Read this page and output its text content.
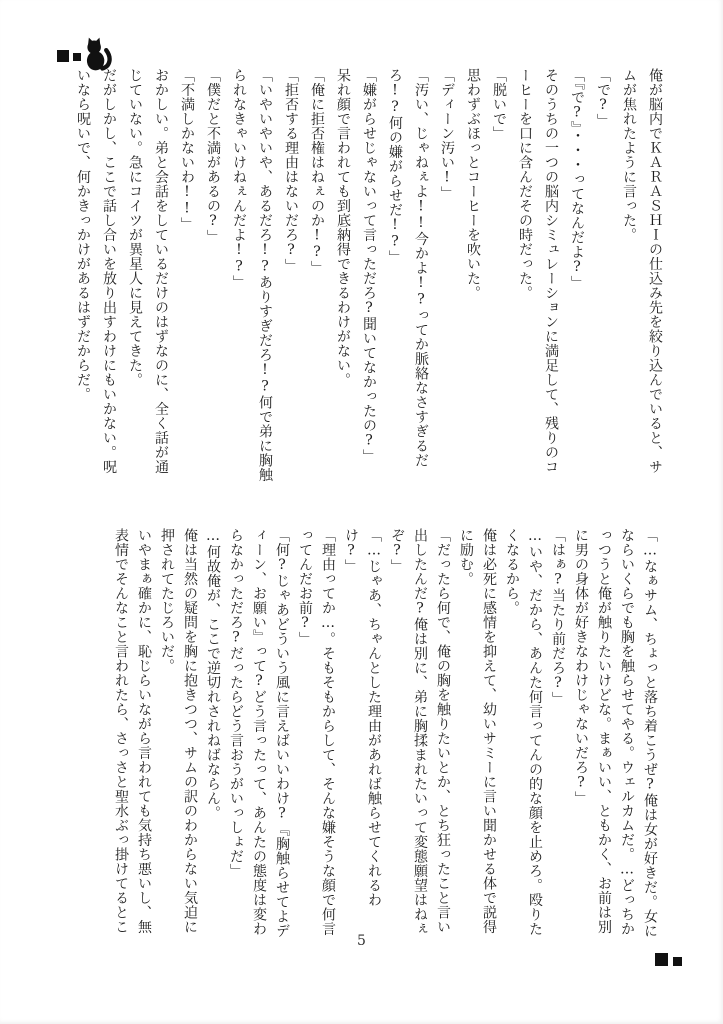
俺が脳内でＫＡＲＡＳＨＩの仕込み先を絞り込んでいると、サ
ムが焦れたように言った。
「で?」
「『で?』・・・ってなんだよ?」
そのうちの一つの脳内シミュレーションに満足して、残りのコ
ーヒーを口に含んだその時だった。
「脱いで」
思わずぶほっとコーヒーを吹いた。
「ディーン汚い!」
「汚い、じゃねぇよ!!今かよ!?ってか脈絡なさすぎるだ
ろ!?何の嫌がらせだ!?」
「嫌がらせじゃないって言っただろ?聞いてなかったの?」
呆れ顔で言われても到底納得できるわけがない。
「俺に拒否権はねぇのか!?」
「拒否する理由はないだろ?」
「いやいやいや、あるだろ!?ありすぎだろ!?何で弟に胸触
られなきゃいけねぇんだよ!?」
「僕だと不満があるの?」
「不満しかないわ!!」
おかしい。弟と会話をしているだけのはずなのに、全く話が通
じていない。急にコイツが異星人に見えてきた。
だがしかし、ここで話し合いを放り出すわけにもいかない。呪
いなら呪いで、何かきっかけがあるはずだからだ。
「…なぁサム、ちょっと落ち着こうぜ?俺は女が好きだ。女に
ならいくらでも胸を触らせてやる。ウェルカムだ。…どっちか
っつうと俺が触りたいけどな。まぁいい、ともかく、お前は別
に男の身体が好きなわけじゃないだろ?」
「はぁ?当たり前だろ?」
…いや、だから、あんた何言ってんの的な顔を止めろ。殴りた
くなるから。
俺は必死に感情を抑えて、幼いサミーに言い聞かせる体で説得
に励む。
「だったら何で、俺の胸を触りたいとか、とち狂ったこと言い
出したんだ?俺は別に、弟に胸揉まれたいって変態願望はねぇ
ぞ?」
「…じゃあ、ちゃんとした理由があれば触らせてくれるわ
け?」
「理由ってか…。そもそもからして、そんな嫌そうな顔で何言
ってんだお前?」
「何?じゃあどういう風に言えばいいわけ?『胸触らせてよデ
ィーン、お願い』って?どう言ったって、あんたの態度は変わ
らなかっただろ?だったらどう言おうがいっしょだ」
…何故俺が、ここで逆切れされねばならん。
俺は当然の疑問を胸に抱きつつ、サムの訳のわからない気迫に
押されてたじろいだ。
いやまぁ確かに、恥じらいながら言われても気持ち悪いし、無
表情でそんなこと言われたら、さっさと聖水ぶっ掛けてるとこ
5
